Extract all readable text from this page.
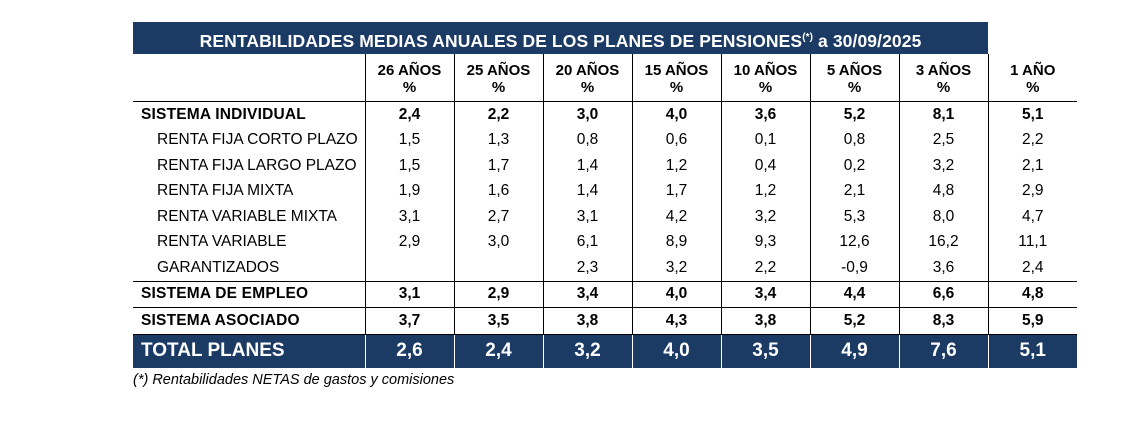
RENTABILIDADES MEDIAS ANUALES DE LOS PLANES DE PENSIONES(*) a 30/09/2025
	26 AÑOS	25 AÑOS	20 AÑOS	15 AÑOS	10 AÑOS	5 AÑOS	3 AÑOS	1 AÑO
	%	%	%	%	%	%	%	%
SISTEMA INDIVIDUAL	2,4	2,2	3,0	4,0	3,6	5,2	8,1	5,1
RENTA FIJA CORTO PLAZO	1,5	1,3	0,8	0,6	0,1	0,8	2,5	2,2
RENTA FIJA LARGO PLAZO	1,5	1,7	1,4	1,2	0,4	0,2	3,2	2,1
RENTA FIJA MIXTA	1,9	1,6	1,4	1,7	1,2	2,1	4,8	2,9
RENTA VARIABLE MIXTA	3,1	2,7	3,1	4,2	3,2	5,3	8,0	4,7
RENTA VARIABLE	2,9	3,0	6,1	8,9	9,3	12,6	16,2	11,1
GARANTIZADOS			2,3	3,2	2,2	-0,9	3,6	2,4
SISTEMA DE EMPLEO	3,1	2,9	3,4	4,0	3,4	4,4	6,6	4,8
SISTEMA ASOCIADO	3,7	3,5	3,8	4,3	3,8	5,2	8,3	5,9
TOTAL PLANES	2,6	2,4	3,2	4,0	3,5	4,9	7,6	5,1
(*) Rentabilidades NETAS de gastos y comisiones
